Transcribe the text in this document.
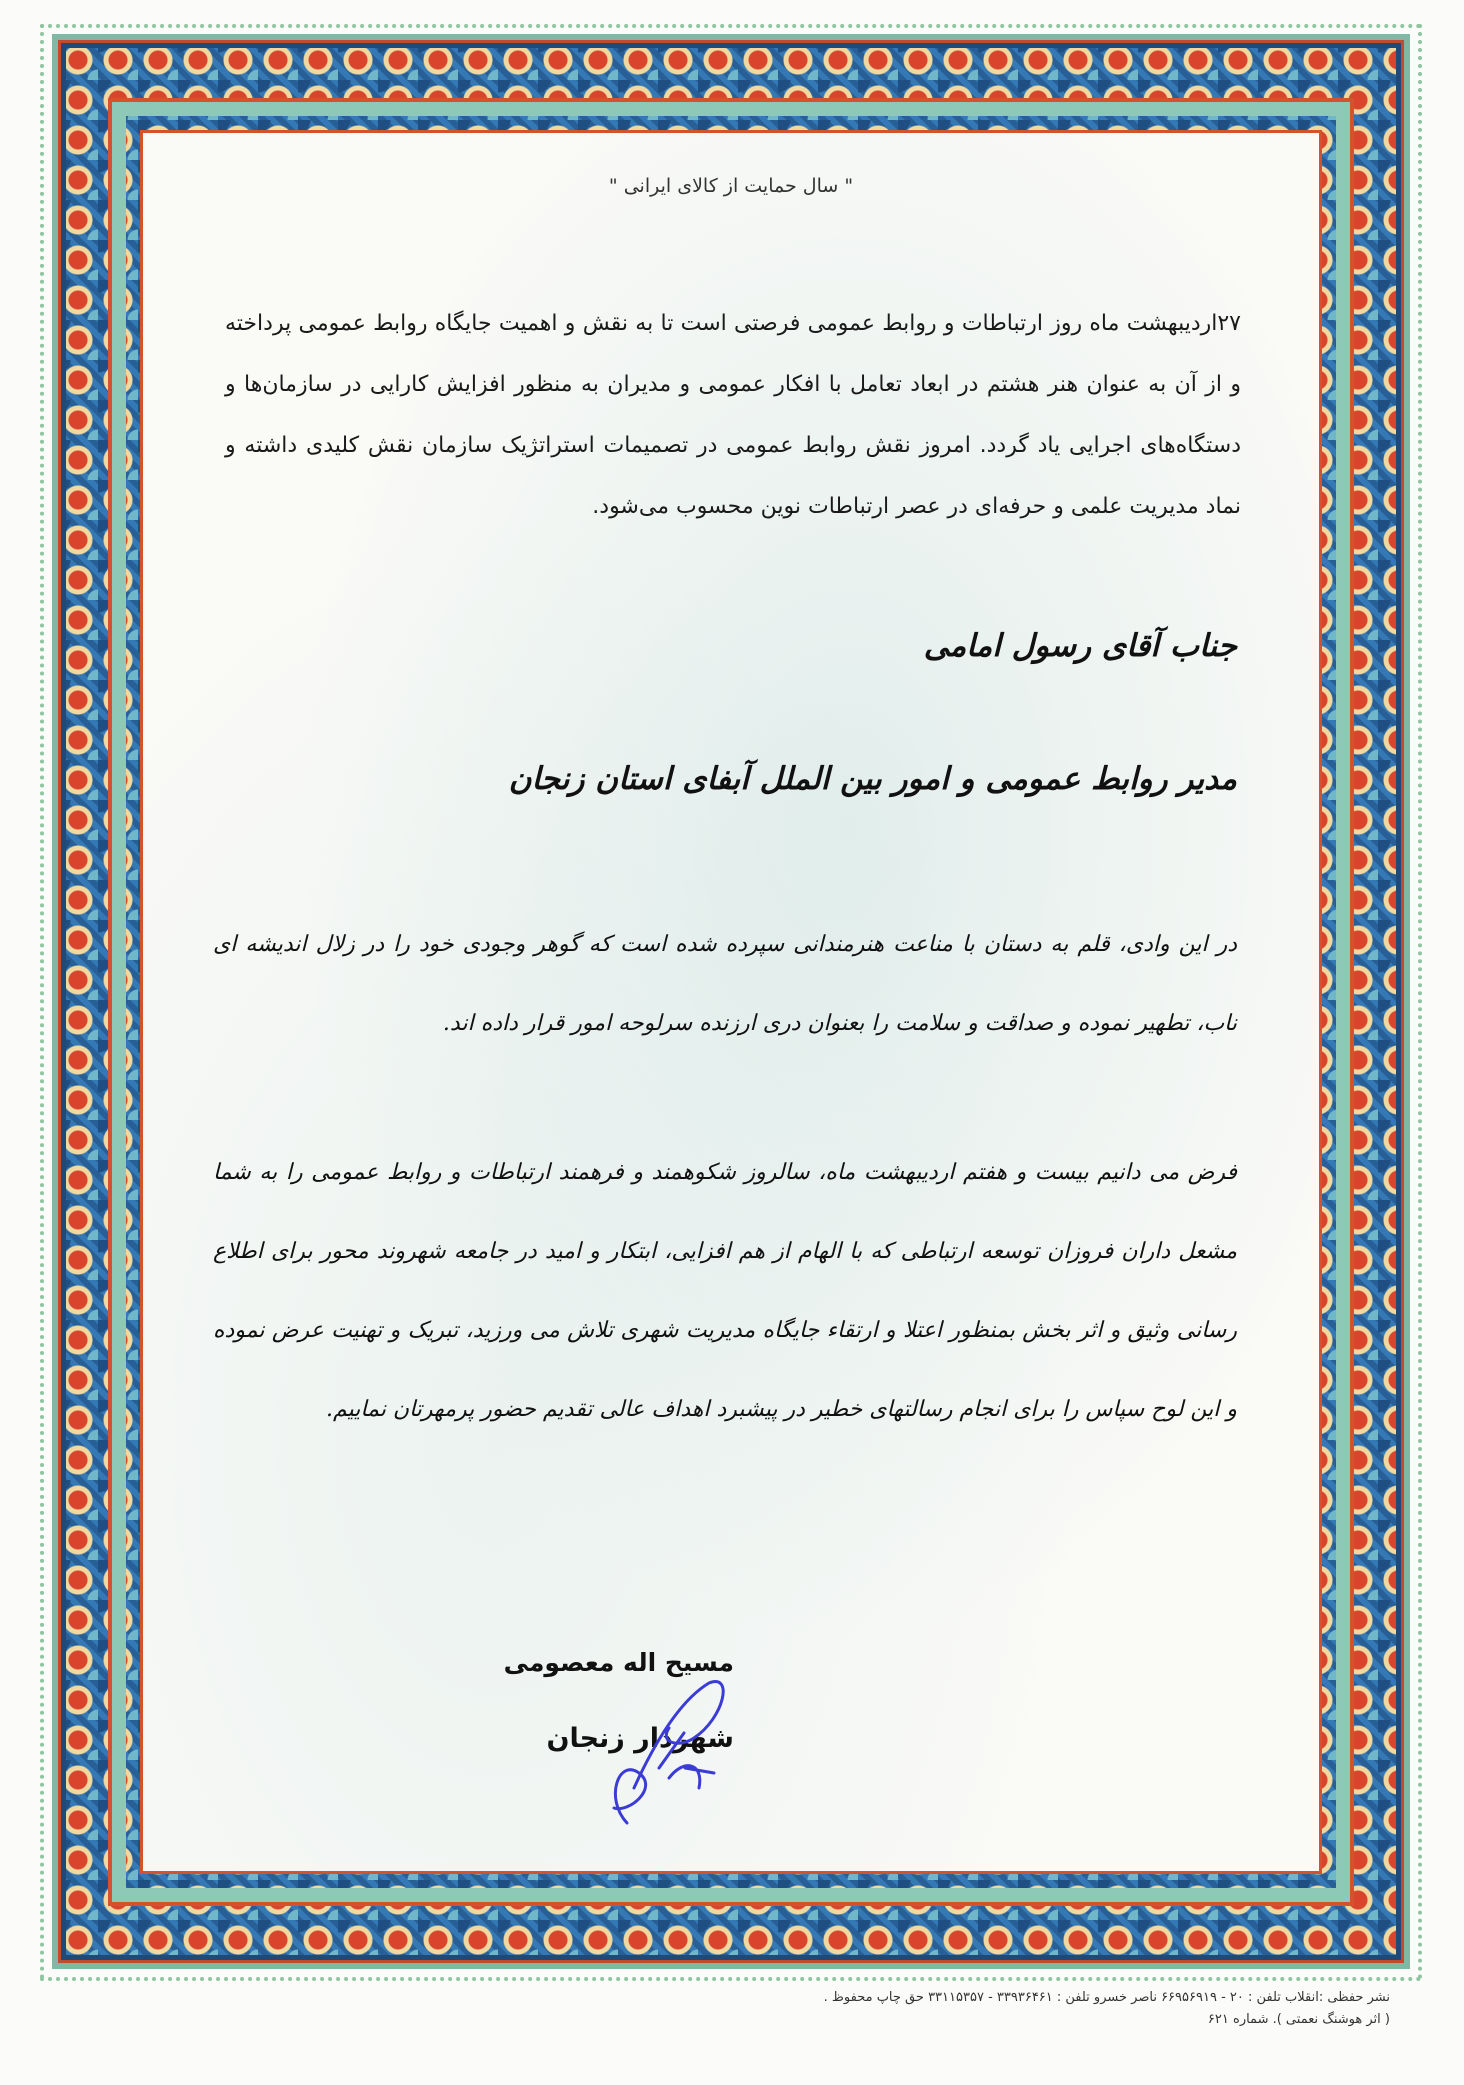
" سال حمایت از کالای ایرانی "
۲۷اردیبهشت ماه روز ارتباطات و روابط عمومی فرصتی است تا به نقش و اهمیت جایگاه روابط عمومی پرداخته و از آن به عنوان هنر هشتم در ابعاد تعامل با افکار عمومی و مدیران به منظور افزایش کارایی در سازمان‌ها و دستگاه‌های اجرایی یاد گردد. امروز نقش روابط عمومی در تصمیمات استراتژیک سازمان نقش کلیدی داشته و نماد مدیریت علمی و حرفه‌ای در عصر ارتباطات نوین محسوب می‌شود.
جناب آقای رسول امامی
مدیر روابط عمومی و امور بین الملل آبفای استان زنجان
در این وادی، قلم به دستان با مناعت هنرمندانی سپرده شده است که گوهر وجودی خود را در زلال اندیشه ای ناب، تطهیر نموده و صداقت و سلامت را بعنوان دری ارزنده سرلوحه امور قرار داده اند.
فرض می دانیم بیست و هفتم اردیبهشت ماه، سالروز شکوهمند و فرهمند ارتباطات و روابط عمومی را به شما مشعل داران فروزان توسعه ارتباطی که با الهام از هم افزایی، ابتکار و امید در جامعه شهروند محور برای اطلاع رسانی وثیق و اثر بخش بمنظور اعتلا و ارتقاء جایگاه مدیریت شهری تلاش می ورزید، تبریک و تهنیت عرض نموده و این لوح سپاس را برای انجام رسالتهای خطیر در پیشبرد اهداف عالی تقدیم حضور پرمهرتان نماییم.
مسیح اله معصومی
شهردار زنجان
نشر حفظی :انقلاب تلفن : ۲۰ - ۶۶۹۵۶۹۱۹ ناصر خسرو تلفن : ۳۳۹۳۶۴۶۱ - ۳۳۱۱۵۳۵۷ حق چاپ محفوظ .
( اثر هوشنگ نعمتی ). شماره ۶۲۱
